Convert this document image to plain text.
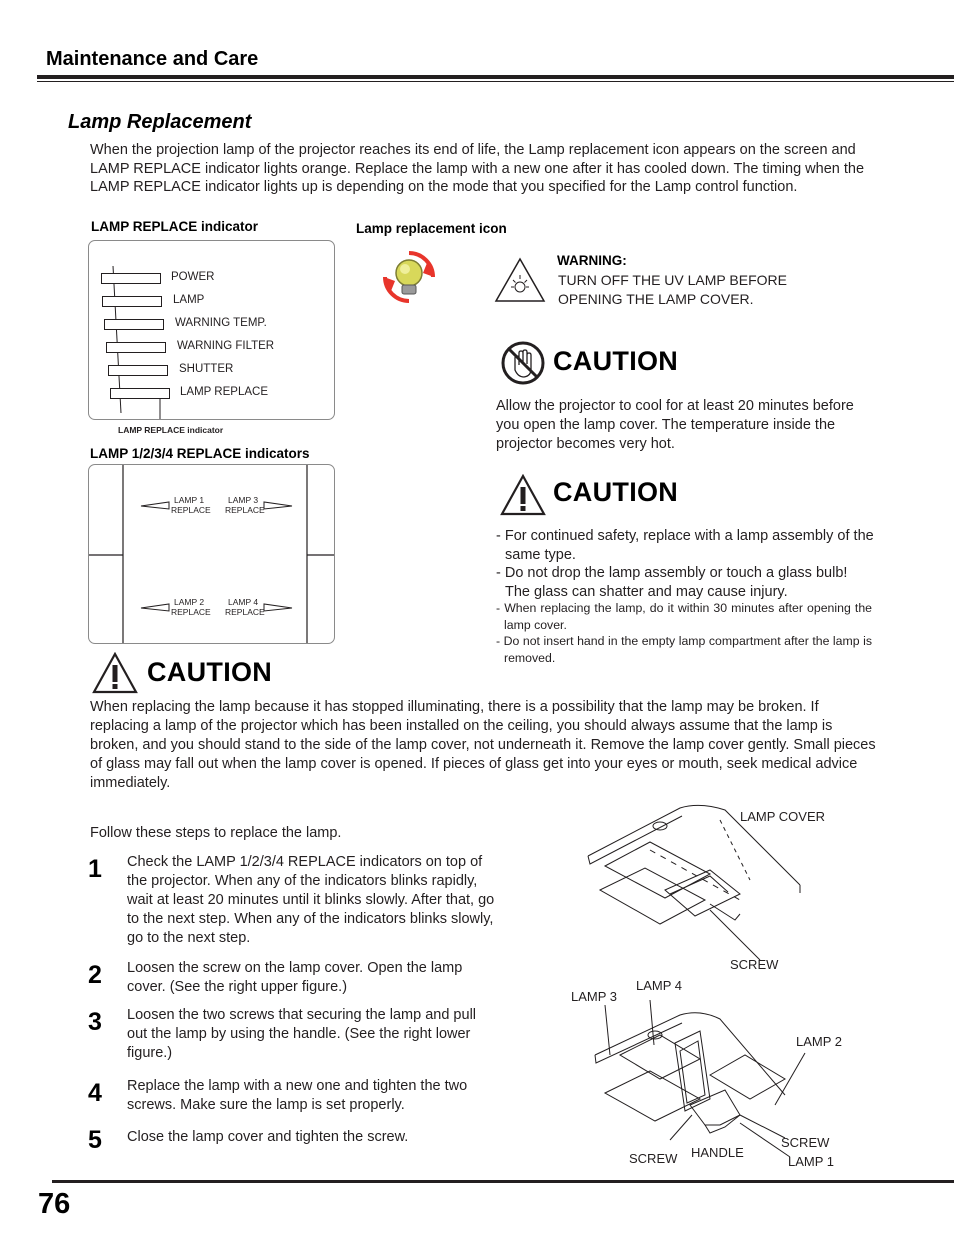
Maintenance and Care
Lamp Replacement
When the projection lamp of the projector reaches its end of life, the Lamp replacement icon appears on the screen and LAMP REPLACE indicator lights orange. Replace the lamp with a new one after it has cooled down. The timing when the LAMP REPLACE indicator lights up is depending on the mode that you specified for the Lamp control function.
LAMP REPLACE indicator
POWER
LAMP
WARNING TEMP.
WARNING FILTER
SHUTTER
LAMP REPLACE
LAMP REPLACE indicator
Lamp replacement icon
LAMP 1/2/3/4 REPLACE indicators
LAMP 1
REPLACE
LAMP 3
REPLACE
LAMP 2
REPLACE
LAMP 4
REPLACE
WARNING:
TURN OFF THE UV LAMP BEFORE
OPENING THE LAMP COVER.
CAUTION
Allow the projector to cool for at least 20 minutes before you open the lamp cover. The temperature inside the projector becomes very hot.
CAUTION
- For continued safety, replace with a lamp assembly of the same type.
- Do not drop the lamp assembly or touch a glass bulb! The glass can shatter and may cause injury.
- When replacing the lamp, do it within 30 minutes after opening the lamp cover.
- Do not insert hand in the empty lamp compartment after the lamp is removed.
CAUTION
When replacing the lamp because it has stopped illuminating, there is a possibility that the lamp may be broken. If replacing a lamp of the projector which has been installed on the ceiling, you should always assume that the lamp is broken, and you should stand to the side of the lamp cover, not underneath it. Remove the lamp cover gently. Small pieces of glass may fall out when the lamp cover is opened. If pieces of glass get into your eyes or mouth, seek medical advice immediately.
Follow these steps to replace the lamp.
1 Check the LAMP 1/2/3/4 REPLACE indicators on top of the projector. When any of the indicators blinks rapidly, wait at least 20 minutes until it blinks slowly. After that, go to the next step. When any of the indicators blinks slowly, go to the next step.
2 Loosen the screw on the lamp cover. Open the lamp cover. (See the right upper figure.)
3 Loosen the two screws that securing the lamp and pull out the lamp by using the handle. (See the right lower figure.)
4 Replace the lamp with a new one and tighten the two screws. Make sure the lamp is set properly.
5 Close the lamp cover and tighten the screw.
LAMP COVER
SCREW
LAMP 3
LAMP 4
LAMP 2
SCREW HANDLE
SCREW
LAMP 1
76
